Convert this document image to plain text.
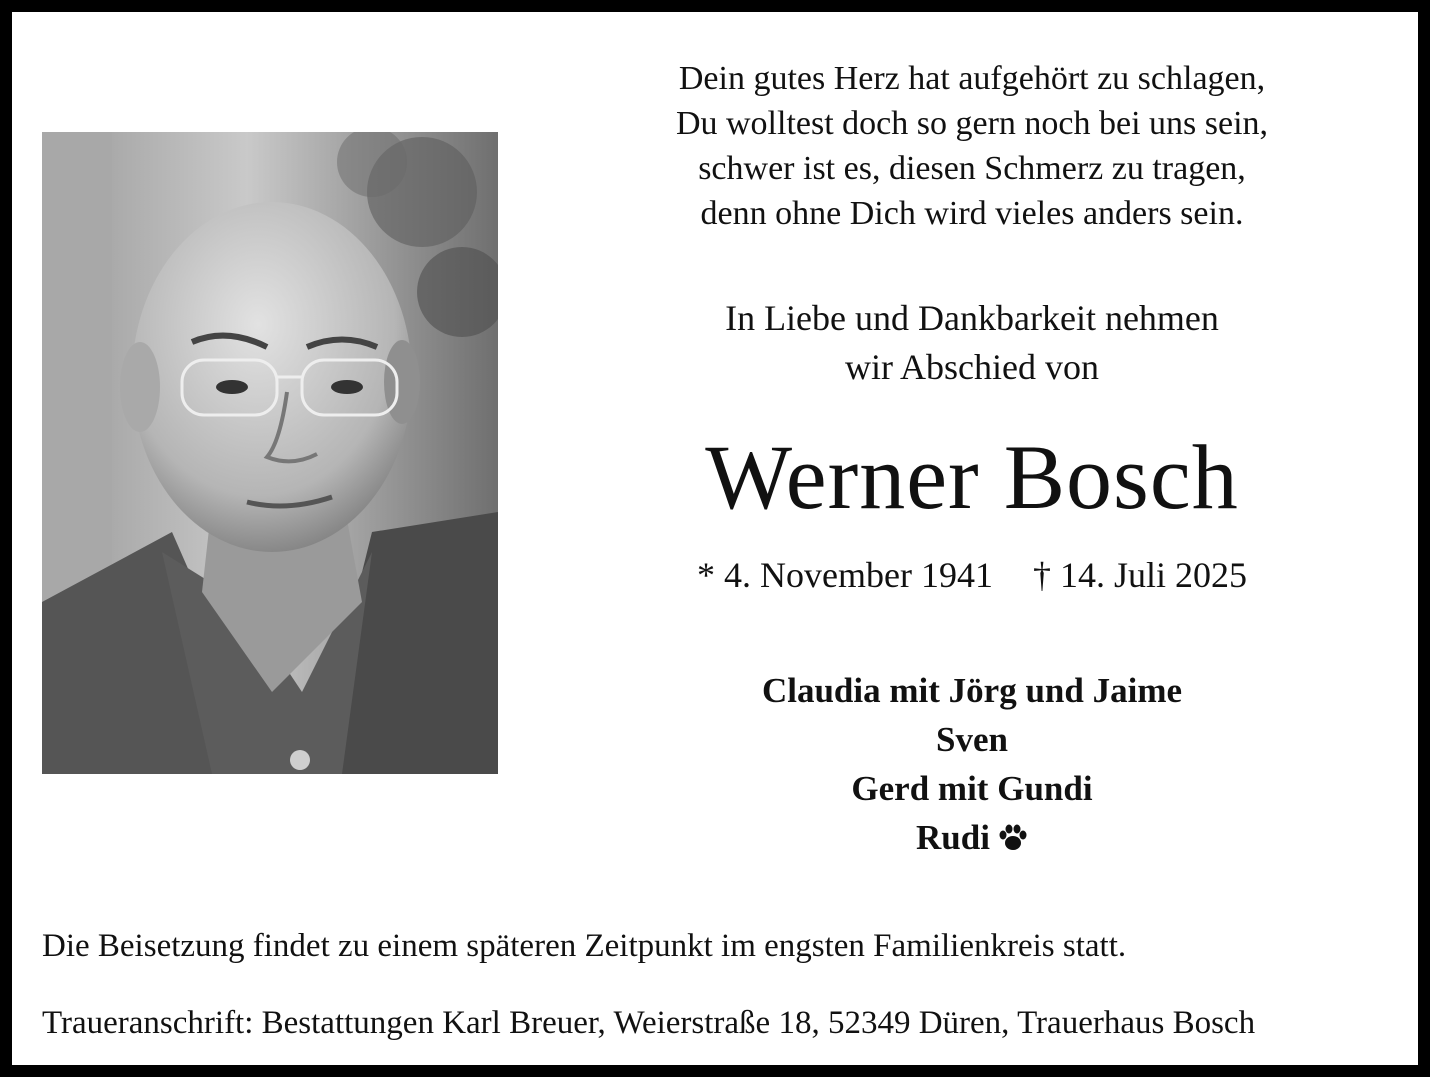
Dein gutes Herz hat aufgehört zu schlagen,
Du wolltest doch so gern noch bei uns sein,
schwer ist es, diesen Schmerz zu tragen,
denn ohne Dich wird vieles anders sein.
In Liebe und Dankbarkeit nehmen
wir Abschied von
Werner Bosch
* 4. November 1941 † 14. Juli 2025
Claudia mit Jörg und Jaime
Sven
Gerd mit Gundi
Rudi
Die Beisetzung findet zu einem späteren Zeitpunkt im engsten Familienkreis statt.
Traueranschrift: Bestattungen Karl Breuer, Weierstraße 18, 52349 Düren, Trauerhaus Bosch
